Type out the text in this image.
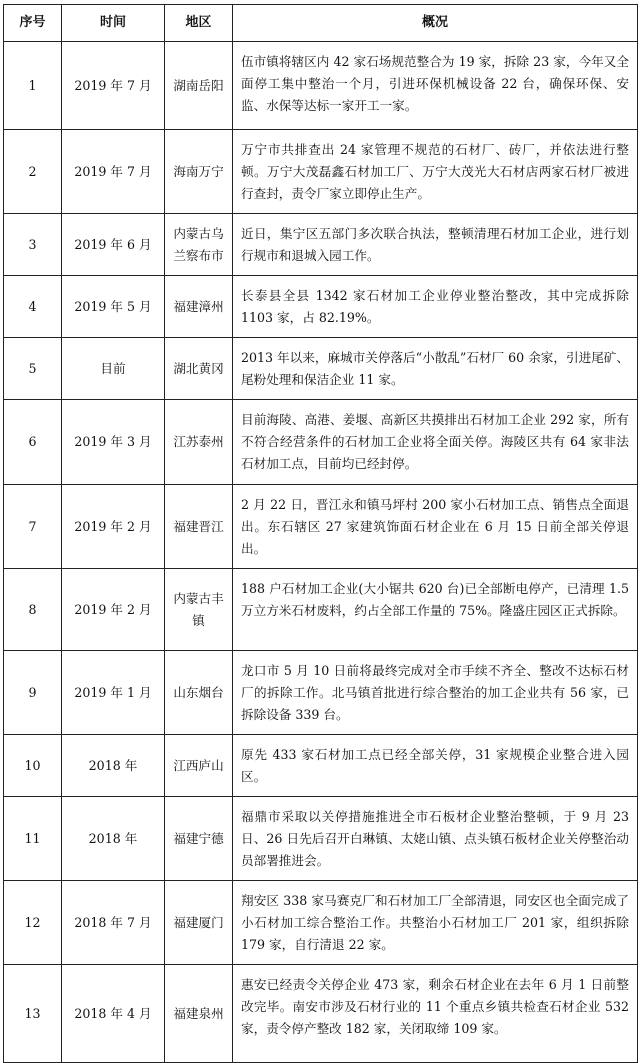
序号	时间	地区	概况
1	2019 年 7 月	湖南岳阳	伍市镇将辖区内 42 家石场规范整合为 19 家，拆除 23 家，今年又全面停工集中整治一个月，引进环保机械设备 22 台，确保环保、安监、水保等达标一家开工一家。
2	2019 年 7 月	海南万宁	万宁市共排查出 24 家管理不规范的石材厂、砖厂，并依法进行整顿。万宁大茂磊鑫石材加工厂、万宁大茂光大石材店两家石材厂被进行查封，责令厂家立即停止生产。
3	2019 年 6 月	内蒙古乌兰察布市	近日，集宁区五部门多次联合执法，整顿清理石材加工企业，进行划行规市和退城入园工作。
4	2019 年 5 月	福建漳州	长泰县全县 1342 家石材加工企业停业整治整改，其中完成拆除 1103 家，占 82.19%。
5	目前	湖北黄冈	2013 年以来，麻城市关停落后“小散乱”石材厂 60 余家，引进尾矿、尾粉处理和保洁企业 11 家。
6	2019 年 3 月	江苏泰州	目前海陵、高港、姜堰、高新区共摸排出石材加工企业 292 家，所有不符合经营条件的石材加工企业将全面关停。海陵区共有 64 家非法石材加工点，目前均已经封停。
7	2019 年 2 月	福建晋江	2 月 22 日，晋江永和镇马坪村 200 家小石材加工点、销售点全面退出。东石辖区 27 家建筑饰面石材企业在 6 月 15 日前全部关停退出。
8	2019 年 2 月	内蒙古丰镇	188 户石材加工企业(大小锯共 620 台)已全部断电停产，已清理 1.5 万立方米石材废料，约占全部工作量的 75%。隆盛庄园区正式拆除。
9	2019 年 1 月	山东烟台	龙口市 5 月 10 日前将最终完成对全市手续不齐全、整改不达标石材厂的拆除工作。北马镇首批进行综合整治的加工企业共有 56 家，已拆除设备 339 台。
10	2018 年	江西庐山	原先 433 家石材加工点已经全部关停，31 家规模企业整合进入园区。
11	2018 年	福建宁德	福鼎市采取以关停措施推进全市石板材企业整治整顿，于 9 月 23 日、26 日先后召开白琳镇、太姥山镇、点头镇石板材企业关停整治动员部署推进会。
12	2018 年 7 月	福建厦门	翔安区 338 家马赛克厂和石材加工厂全部清退，同安区也全面完成了小石材加工综合整治工作。共整治小石材加工厂 201 家，组织拆除 179 家，自行清退 22 家。
13	2018 年 4 月	福建泉州	惠安已经责令关停企业 473 家，剩余石材企业在去年 6 月 1 日前整改完毕。南安市涉及石材行业的 11 个重点乡镇共检查石材企业 532 家，责令停产整改 182 家，关闭取缔 109 家。
